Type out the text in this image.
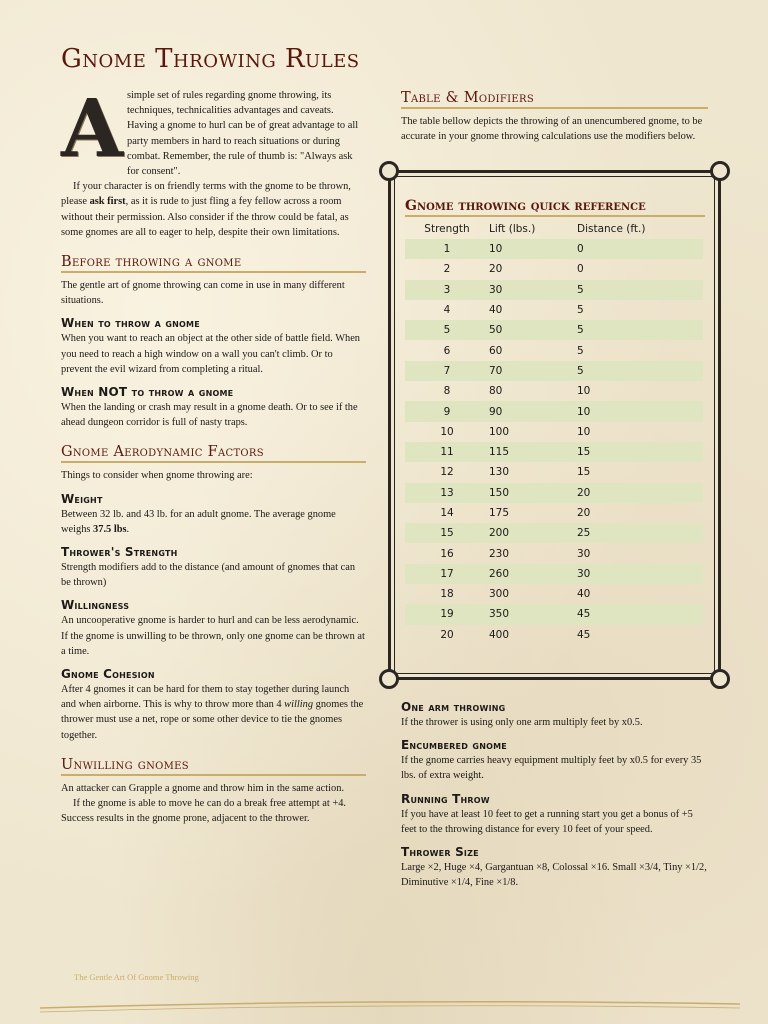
Gnome Throwing Rules
A simple set of rules regarding gnome throwing, its techniques, technicalities advantages and caveats. Having a gnome to hurl can be of great advantage to all party members in hard to reach situations or during combat. Remember, the rule of thumb is: "Always ask for consent".

If your character is on friendly terms with the gnome to be thrown, please ask first, as it is rude to just fling a fey fellow across a room without their permission. Also consider if the throw could be fatal, as some gnomes are all to eager to help, despite their own limitations.

Before throwing a gnome

The gentle art of gnome throwing can come in use in many different situations.

When to throw a gnome

When you want to reach an object at the other side of battle field. When you need to reach a high window on a wall you can't climb. Or to prevent the evil wizard from completing a ritual.

When NOT to throw a gnome

When the landing or crash may result in a gnome death. Or to see if the ahead dungeon corridor is full of nasty traps.

Gnome Aerodynamic Factors

Things to consider when gnome throwing are:

Weight

Between 32 lb. and 43 lb. for an adult gnome. The average gnome weighs 37.5 lbs.

Thrower's Strength

Strength modifiers add to the distance (and amount of gnomes that can be thrown)

Willingness

An uncooperative gnome is harder to hurl and can be less aerodynamic. If the gnome is unwilling to be thrown, only one gnome can be thrown at a time.

Gnome Cohesion

After 4 gnomes it can be hard for them to stay together during launch and when airborne. This is why to throw more than 4 willing gnomes the thrower must use a net, rope or some other device to tie the gnomes together.

Unwilling gnomes

An attacker can Grapple a gnome and throw him in the same action.

If the gnome is able to move he can do a break free attempt at +4. Success results in the gnome prone, adjacent to the thrower.

Table & Modifiers

The table bellow depicts the throwing of an unencumbered gnome, to be accurate in your gnome throwing calculations use the modifiers below.

Gnome throwing quick reference
Strength	Lift (lbs.)	Distance (ft.)
1	10	0
2	20	0
3	30	5
4	40	5
5	50	5
6	60	5
7	70	5
8	80	10
9	90	10
10	100	10
11	115	15
12	130	15
13	150	20
14	175	20
15	200	25
16	230	30
17	260	30
18	300	40
19	350	45
20	400	45
One arm throwing

If the thrower is using only one arm multiply feet by x0.5.

Encumbered gnome

If the gnome carries heavy equipment multiply feet by x0.5 for every 35 lbs. of extra weight.

Running Throw

If you have at least 10 feet to get a running start you get a bonus of +5 feet to the throwing distance for every 10 feet of your speed.

Thrower Size

Large ×2, Huge ×4, Gargantuan ×8, Colossal ×16. Small ×3/4, Tiny ×1/2, Diminutive ×1/4, Fine ×1/8.

The Gentle Art Of Gnome Throwing
